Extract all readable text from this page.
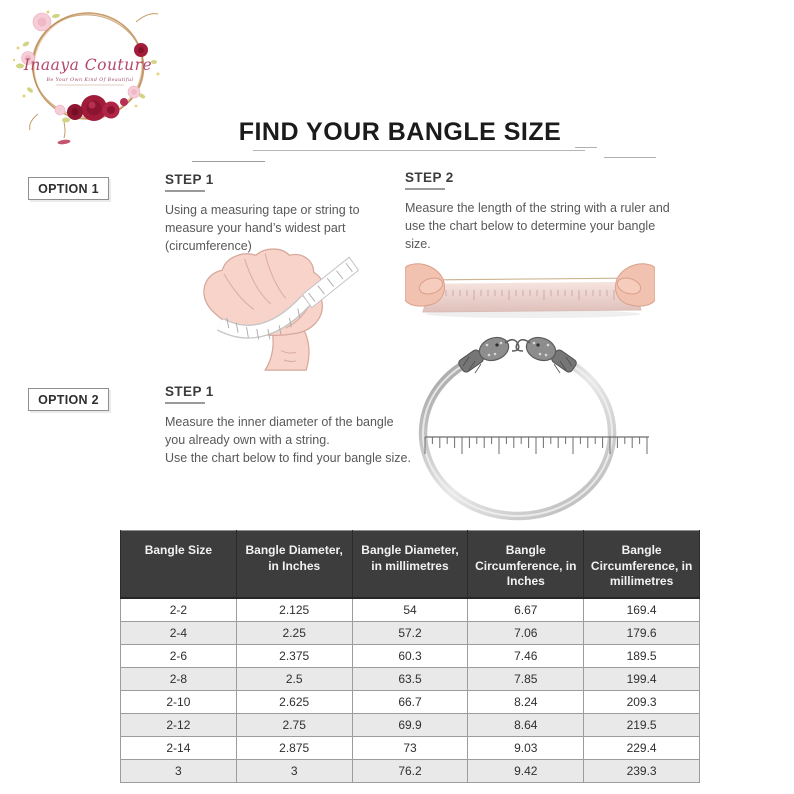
Inaaya Couture
Be Your Own Kind Of Beautiful
FIND YOUR BANGLE SIZE
OPTION 1
STEP 1
Using a measuring tape or string to measure your hand’s widest part (circumference)
STEP 2
Measure the length of the string with a ruler and use the chart below to determine your bangle size.
OPTION 2
STEP 1

Measure the inner diameter of the bangle you already own with a string.

Use the chart below to find your bangle size.

Bangle Size	Bangle Diameter, in Inches	Bangle Diameter, in millimetres	Bangle Circumference, in Inches	Bangle Circumference, in millimetres
2-2	2.125	54	6.67	169.4
2-4	2.25	57.2	7.06	179.6
2-6	2.375	60.3	7.46	189.5
2-8	2.5	63.5	7.85	199.4
2-10	2.625	66.7	8.24	209.3
2-12	2.75	69.9	8.64	219.5
2-14	2.875	73	9.03	229.4
3	3	76.2	9.42	239.3
